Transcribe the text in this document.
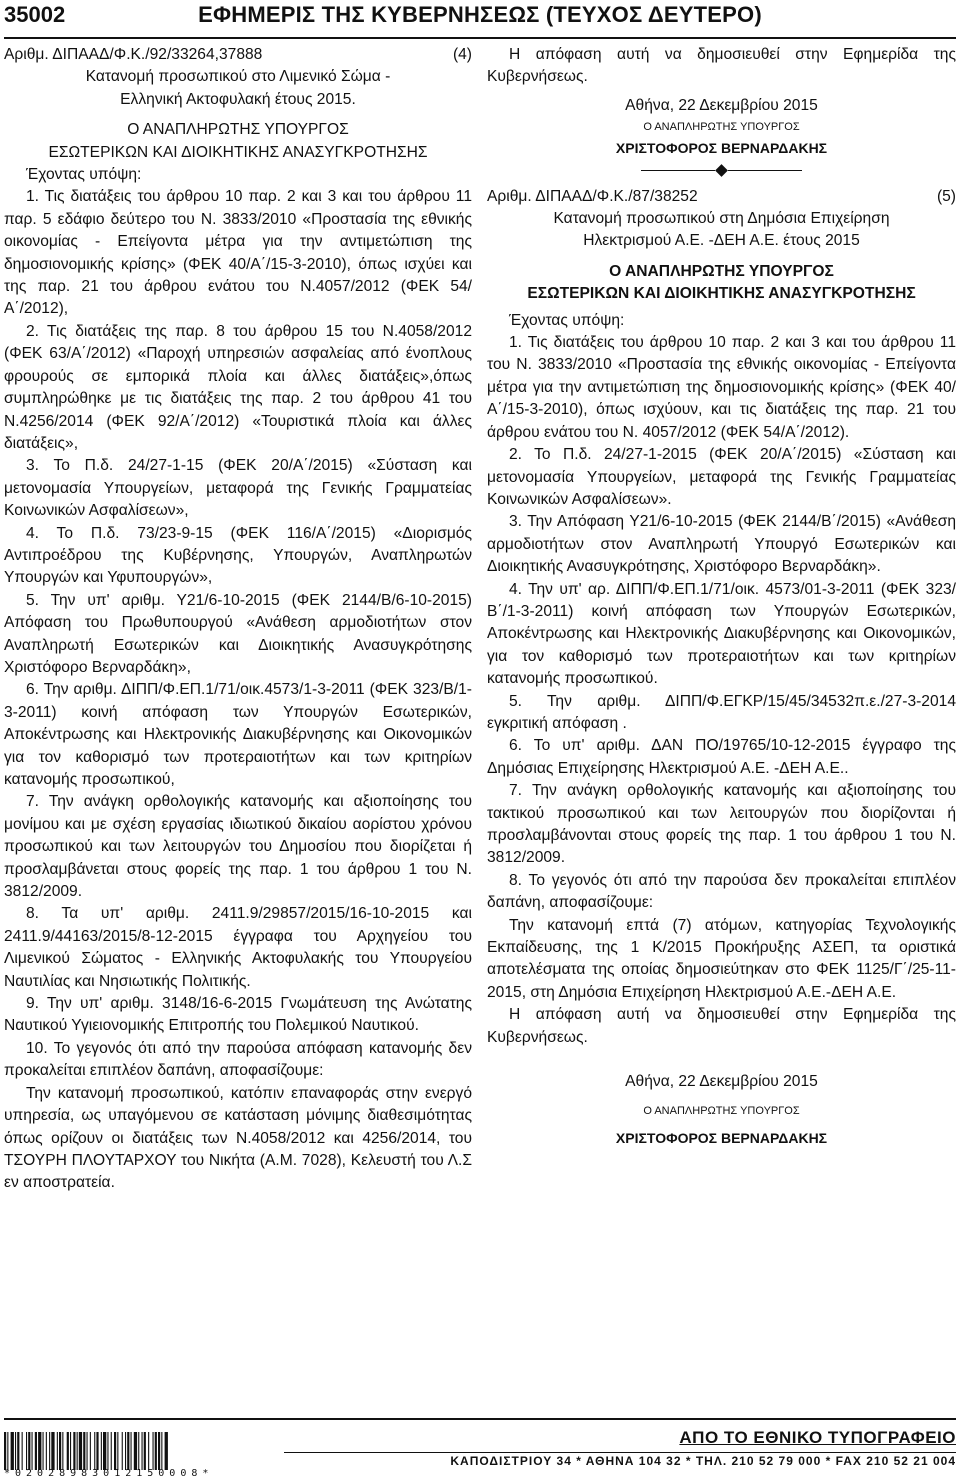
35002	ΕΦΗΜΕΡΙΣ ΤΗΣ ΚΥΒΕΡΝΗΣΕΩΣ (ΤΕΥΧΟΣ ΔΕΥΤΕΡΟ)

Αριθμ. ΔΙΠΑΑΔ/Φ.Κ./92/33264,37888	(4)

Κατανομή προσωπικού στο Λιμενικό Σώμα -

Ελληνική Ακτοφυλακή έτους 2015.

Ο ΑΝΑΠΛΗΡΩΤΗΣ ΥΠΟΥΡΓΟΣ

ΕΣΩΤΕΡΙΚΩΝ ΚΑΙ ΔΙΟΙΚΗΤΙΚΗΣ ΑΝΑΣΥΓΚΡΟΤΗΣΗΣ

Έχοντας υπόψη:

1. Τις διατάξεις του άρθρου 10 παρ. 2 και 3 και του άρθρου 11 παρ. 5 εδάφιο δεύτερο του Ν. 3833/2010 «Προστασία της εθνικής οικονομίας - Επείγοντα μέτρα για την αντιμετώπιση της δημοσιονομικής κρίσης» (ΦΕΚ 40/Α΄/15-3-2010), όπως ισχύει και της παρ. 21 του άρθρου ενάτου του Ν.4057/2012 (ΦΕΚ 54/Α΄/2012),

2. Τις διατάξεις της παρ. 8 του άρθρου 15 του Ν.4058/2012 (ΦΕΚ 63/Α΄/2012) «Παροχή υπηρεσιών ασφαλείας από ένοπλους φρουρούς σε εμπορικά πλοία και άλλες διατάξεις»,όπως συμπληρώθηκε με τις διατάξεις της παρ. 2 του άρθρου 41 του Ν.4256/2014 (ΦΕΚ 92/Α΄/2012) «Τουριστικά πλοία και άλλες διατάξεις»,

3. Το Π.δ. 24/27-1-15 (ΦΕΚ 20/Α΄/2015) «Σύσταση και μετονομασία Υπουργείων, μεταφορά της Γενικής Γραμματείας Κοινωνικών Ασφαλίσεων»,

4. Το Π.δ. 73/23-9-15 (ΦΕΚ 116/Α΄/2015) «Διορισμός Αντιπροέδρου της Κυβέρνησης, Υπουργών, Αναπληρωτών Υπουργών και Υφυπουργών»,

5. Την υπ' αριθμ. Υ21/6-10-2015 (ΦΕΚ 2144/Β/6-10-2015) Απόφαση του Πρωθυπουργού «Ανάθεση αρμοδιοτήτων στον Αναπληρωτή Εσωτερικών και Διοικητικής Ανασυγκρότησης Χριστόφορο Βερναρδάκη»,

6. Την αριθμ. ΔΙΠΠ/Φ.ΕΠ.1/71/οικ.4573/1-3-2011 (ΦΕΚ 323/Β/1-3-2011) κοινή απόφαση των Υπουργών Εσωτερικών, Αποκέντρωσης και Ηλεκτρονικής Διακυβέρνησης και Οικονομικών για τον καθορισμό των προτεραιοτήτων και των κριτηρίων κατανομής προσωπικού,

7. Την ανάγκη ορθολογικής κατανομής και αξιοποίησης του μονίμου και με σχέση εργασίας ιδιωτικού δικαίου αορίστου χρόνου προσωπικού και των λειτουργών του Δημοσίου που διορίζεται ή προσλαμβάνεται στους φορείς της παρ. 1 του άρθρου 1 του Ν. 3812/2009.

8. Τα υπ' αριθμ. 2411.9/29857/2015/16-10-2015 και 2411.9/44163/2015/8-12-2015 έγγραφα του Αρχηγείου του Λιμενικού Σώματος - Ελληνικής Ακτοφυλακής του Υπουργείου Ναυτιλίας και Νησιωτικής Πολιτικής.

9. Την υπ' αριθμ. 3148/16-6-2015 Γνωμάτευση της Ανώτατης Ναυτικού Υγιειονομικής Επιτροπής του Πολεμικού Ναυτικού.

10. Το γεγονός ότι από την παρούσα απόφαση κατανομής δεν προκαλείται επιπλέον δαπάνη, αποφασίζουμε:

Την κατανομή προσωπικού, κατόπιν επαναφοράς στην ενεργό υπηρεσία, ως υπαγόμενου σε κατάσταση μόνιμης διαθεσιμότητας όπως ορίζουν οι διατάξεις των Ν.4058/2012 και 4256/2014, του ΤΣΟΥΡΗ ΠΛΟΥΤΑΡΧΟΥ του Νικήτα (Α.Μ. 7028), Κελευστή του Λ.Σ εν αποστρατεία.

Η απόφαση αυτή να δημοσιευθεί στην Εφημερίδα της Κυβερνήσεως.

Αθήνα, 22 Δεκεμβρίου 2015

Ο ΑΝΑΠΛΗΡΩΤΗΣ ΥΠΟΥΡΓΟΣ

ΧΡΙΣΤΟΦΟΡΟΣ ΒΕΡΝΑΡΔΑΚΗΣ

Αριθμ. ΔΙΠΑΑΔ/Φ.Κ./87/38252	(5)

Κατανομή προσωπικού στη Δημόσια Επιχείρηση

Ηλεκτρισμού Α.Ε. -ΔΕΗ Α.Ε. έτους 2015

Ο ΑΝΑΠΛΗΡΩΤΗΣ ΥΠΟΥΡΓΟΣ

ΕΣΩΤΕΡΙΚΩΝ ΚΑΙ ΔΙΟΙΚΗΤΙΚΗΣ ΑΝΑΣΥΓΚΡΟΤΗΣΗΣ

Έχοντας υπόψη:

1. Τις διατάξεις του άρθρου 10 παρ. 2 και 3 και του άρθρου 11 του Ν. 3833/2010 «Προστασία της εθνικής οικονομίας - Επείγοντα μέτρα για την αντιμετώπιση της δημοσιονομικής κρίσης» (ΦΕΚ 40/Α΄/15-3-2010), όπως ισχύουν, και τις διατάξεις της παρ. 21 του άρθρου ενάτου του Ν. 4057/2012 (ΦΕΚ 54/Α΄/2012).

2. Το Π.δ. 24/27-1-2015 (ΦΕΚ 20/Α΄/2015) «Σύσταση και μετονομασία Υπουργείων, μεταφορά της Γενικής Γραμματείας Κοινωνικών Ασφαλίσεων».

3. Την Απόφαση Υ21/6-10-2015 (ΦΕΚ 2144/Β΄/2015) «Ανάθεση αρμοδιοτήτων στον Αναπληρωτή Υπουργό Εσωτερικών και Διοικητικής Ανασυγκρότησης, Χριστόφορο Βερναρδάκη».

4. Την υπ' αρ. ΔΙΠΠ/Φ.ΕΠ.1/71/οικ. 4573/01-3-2011 (ΦΕΚ 323/Β΄/1-3-2011) κοινή απόφαση των Υπουργών Εσωτερικών, Αποκέντρωσης και Ηλεκτρονικής Διακυβέρνησης και Οικονομικών, για τον καθορισμό των προτεραιοτήτων και των κριτηρίων κατανομής προσωπικού.

5. Την αριθμ. ΔΙΠΠ/Φ.ΕΓΚΡ/15/45/34532π.ε./27-3-2014 εγκριτική απόφαση .

6. Το υπ' αριθμ. ΔΑΝ ΠΟ/19765/10-12-2015 έγγραφο της Δημόσιας Επιχείρησης Ηλεκτρισμού Α.Ε. -ΔΕΗ Α.Ε..

7. Την ανάγκη ορθολογικής κατανομής και αξιοποίησης του τακτικού προσωπικού και των λειτουργών που διορίζονται ή προσλαμβάνονται στους φορείς της παρ. 1 του άρθρου 1 του Ν. 3812/2009.

8. Το γεγονός ότι από την παρούσα δεν προκαλείται επιπλέον δαπάνη, αποφασίζουμε:

Την κατανομή επτά (7) ατόμων, κατηγορίας Τεχνολογικής Εκπαίδευσης, της 1 Κ/2015 Προκήρυξης ΑΣΕΠ, τα οριστικά αποτελέσματα της οποίας δημοσιεύτηκαν στο ΦΕΚ 1125/Γ΄/25-11-2015, στη Δημόσια Επιχείρηση Ηλεκτρισμού Α.Ε.-ΔΕΗ Α.Ε.

Η απόφαση αυτή να δημοσιευθεί στην Εφημερίδα της Κυβερνήσεως.

Αθήνα, 22 Δεκεμβρίου 2015

Ο ΑΝΑΠΛΗΡΩΤΗΣ ΥΠΟΥΡΓΟΣ

ΧΡΙΣΤΟΦΟΡΟΣ ΒΕΡΝΑΡΔΑΚΗΣ

*02028983012150008*
ΑΠΟ ΤΟ ΕΘΝΙΚΟ ΤΥΠΟΓΡΑΦΕΙΟ
ΚΑΠΟΔΙΣΤΡΙΟΥ 34 * ΑΘΗΝΑ 104 32 * ΤΗΛ. 210 52 79 000 * FAX 210 52 21 004
